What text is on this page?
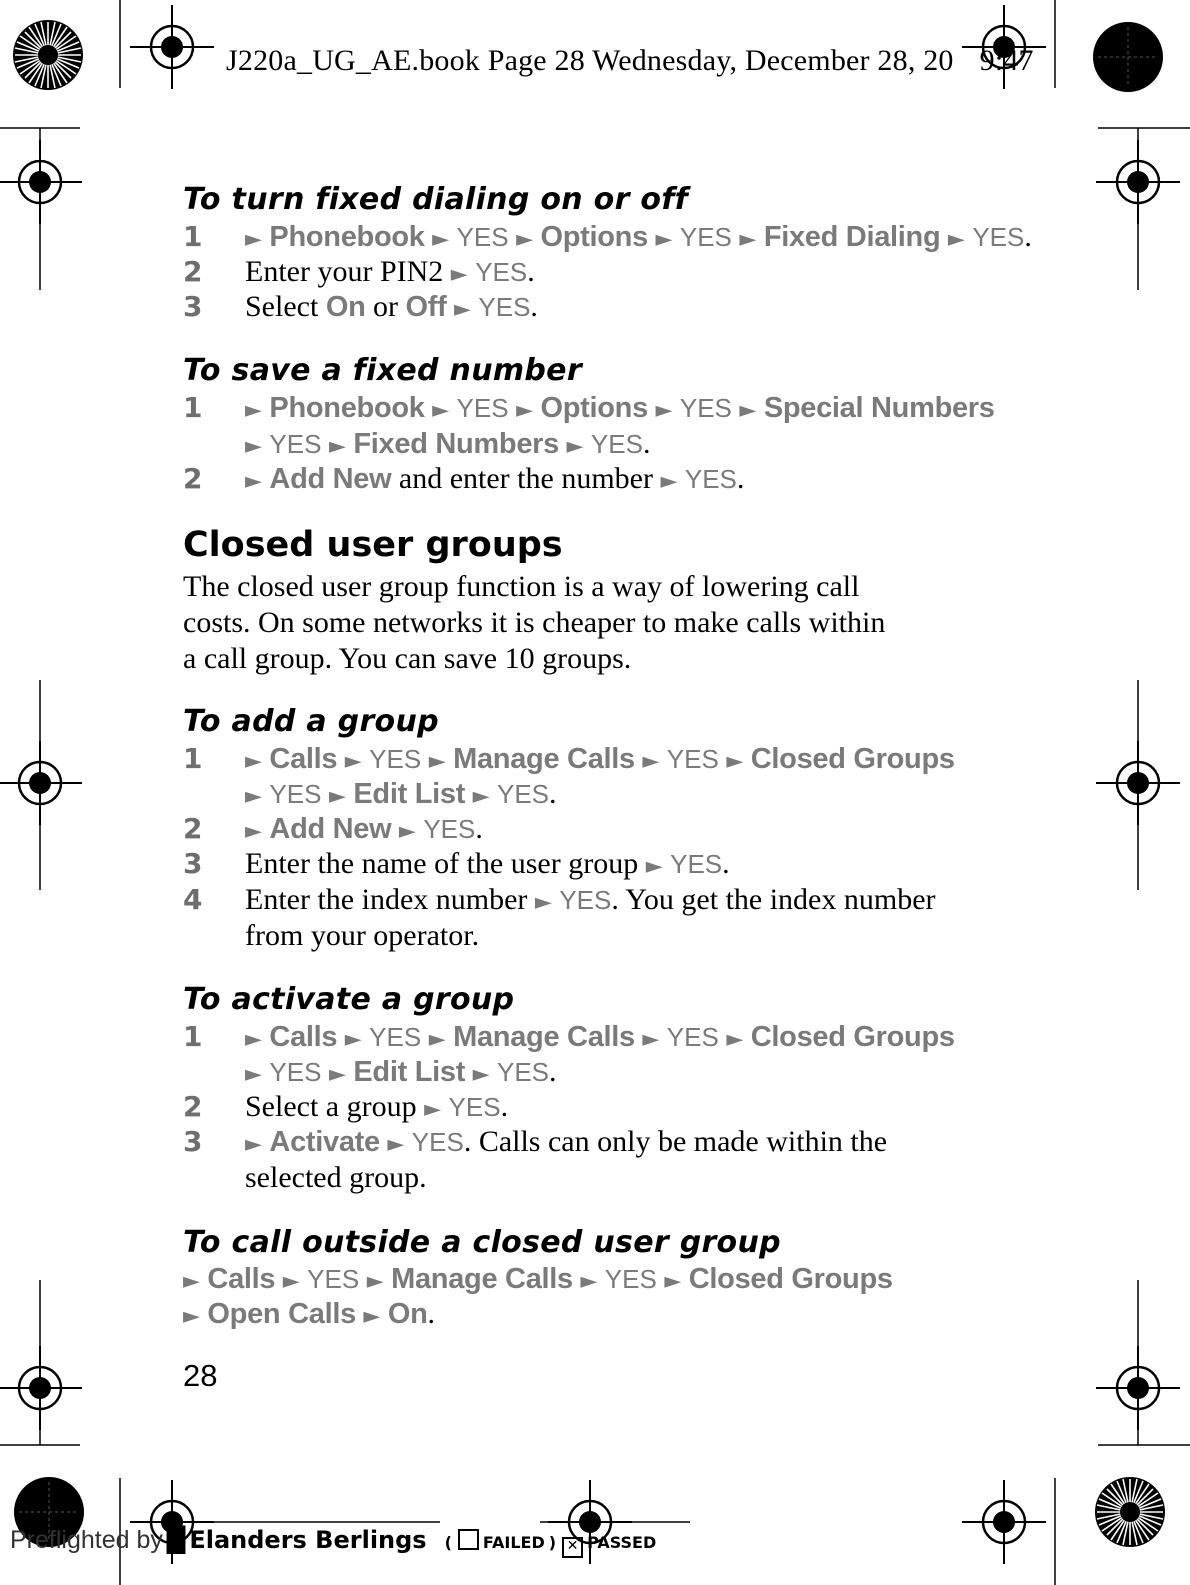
J220a_UG_AE.book Page 28 Wednesday, December 28, 20 9:47
To turn fixed dialing on or off
1 ► Phonebook ► YES ► Options ► YES ► Fixed Dialing ► YES.
2 Enter your PIN2 ► YES.
3 Select On or Off ► YES.
To save a fixed number
1 ► Phonebook ► YES ► Options ► YES ► Special Numbers
► YES ► Fixed Numbers ► YES.
2 ► Add New and enter the number ► YES.
Closed user groups
The closed user group function is a way of lowering call
costs. On some networks it is cheaper to make calls within
a call group. You can save 10 groups.
To add a group
1 ► Calls ► YES ► Manage Calls ► YES ► Closed Groups
► YES ► Edit List ► YES.
2 ► Add New ► YES.
3 Enter the name of the user group ► YES.
4 Enter the index number ► YES. You get the index number
from your operator.
To activate a group
1 ► Calls ► YES ► Manage Calls ► YES ► Closed Groups
► YES ► Edit List ► YES.
2 Select a group ► YES.
3 ► Activate ► YES. Calls can only be made within the
selected group.
To call outside a closed user group
► Calls ► YES ► Manage Calls ► YES ► Closed Groups
► Open Calls ► On.
28
Preflighted by █ Elanders Berlings ( FAILED ) ✕ PASSED
